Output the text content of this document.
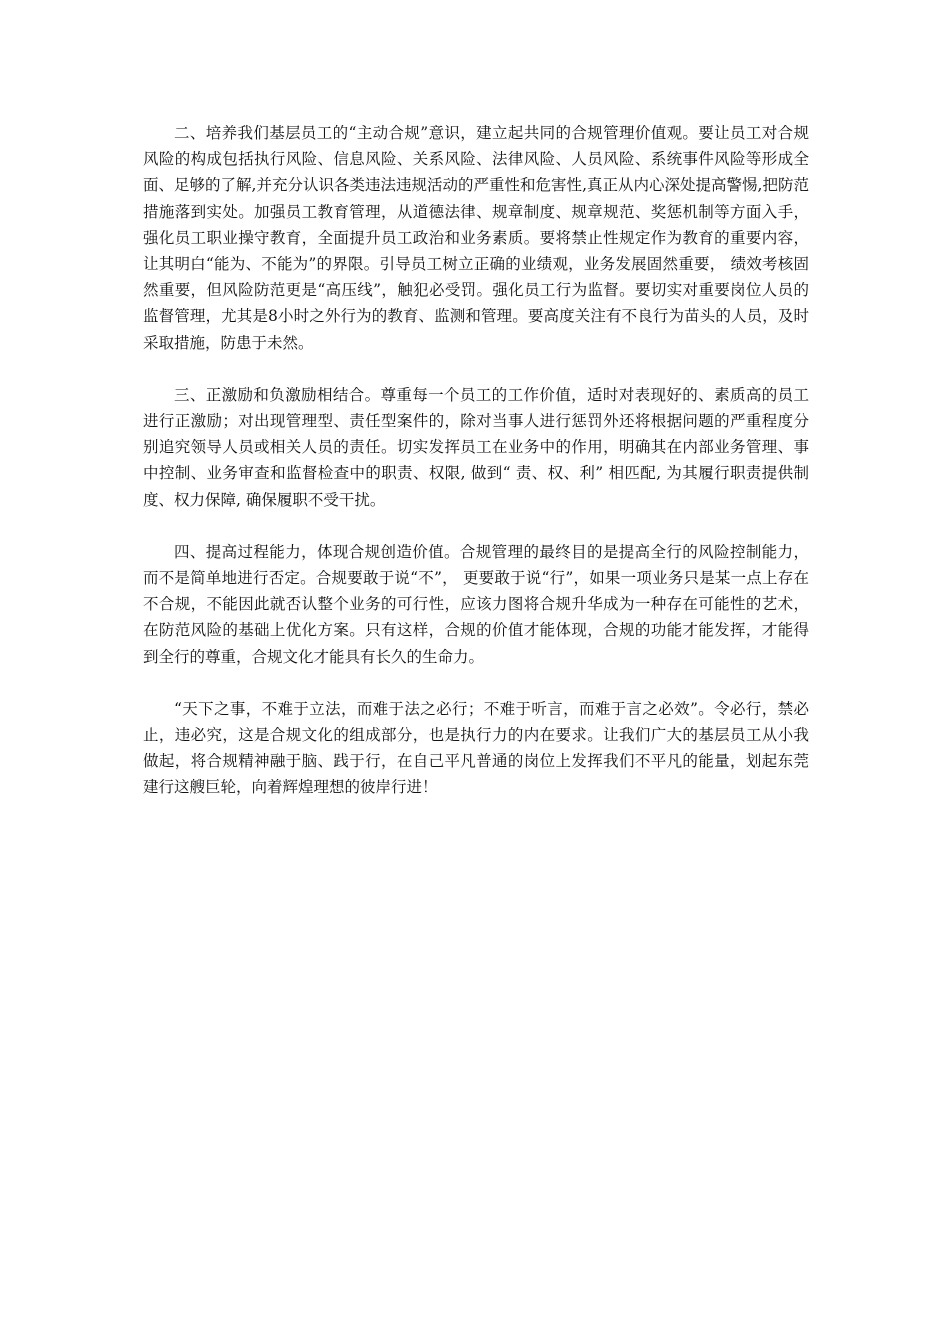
二、培养我们基层员工的“主动合规”意识，建立起共同的合规管理价值观。要让员工对合规风险的构成包括执行风险、信息风险、关系风险、法律风险、人员风险、系统事件风险等形成全面、足够的了解,并充分认识各类违法违规活动的严重性和危害性,真正从内心深处提高警惕,把防范措施落到实处。加强员工教育管理，从道德法律、规章制度、规章规范、奖惩机制等方面入手，强化员工职业操守教育，全面提升员工政治和业务素质。要将禁止性规定作为教育的重要内容，让其明白“能为、不能为”的界限。引导员工树立正确的业绩观，业务发展固然重要， 绩效考核固然重要，但风险防范更是“高压线”，触犯必受罚。强化员工行为监督。要切实对重要岗位人员的监督管理，尤其是8小时之外行为的教育、监测和管理。要高度关注有不良行为苗头的人员，及时采取措施，防患于未然。

三、正激励和负激励相结合。尊重每一个员工的工作价值，适时对表现好的、素质高的员工进行正激励；对出现管理型、责任型案件的，除对当事人进行惩罚外还将根据问题的严重程度分别追究领导人员或相关人员的责任。切实发挥员工在业务中的作用，明确其在内部业务管理、事中控制、业务审查和监督检查中的职责、权限, 做到“ 责、权、利” 相匹配, 为其履行职责提供制度、权力保障, 确保履职不受干扰。

四、提高过程能力，体现合规创造价值。合规管理的最终目的是提高全行的风险控制能力，而不是简单地进行否定。合规要敢于说“不”， 更要敢于说“行”，如果一项业务只是某一点上存在不合规，不能因此就否认整个业务的可行性，应该力图将合规升华成为一种存在可能性的艺术，在防范风险的基础上优化方案。只有这样，合规的价值才能体现，合规的功能才能发挥，才能得到全行的尊重，合规文化才能具有长久的生命力。

“天下之事，不难于立法，而难于法之必行；不难于听言，而难于言之必效”。令必行，禁必止，违必究，这是合规文化的组成部分，也是执行力的内在要求。让我们广大的基层员工从小我做起，将合规精神融于脑、践于行，在自己平凡普通的岗位上发挥我们不平凡的能量，划起东莞建行这艘巨轮，向着辉煌理想的彼岸行进！
